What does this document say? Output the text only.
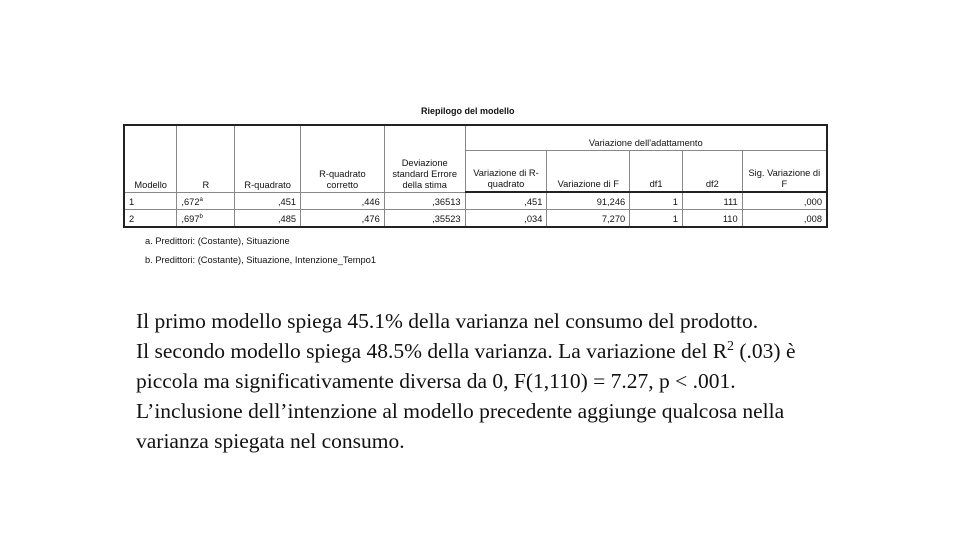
Riepilogo del modello
Modello	R	R-quadrato	R-quadrato corretto	Deviazione standard Errore della stima	Variazione dell'adattamento				
					Variazione di R-quadrato	Variazione di F	df1	df2	Sig. Variazione di F
1	,672$^a$	,451	,446	,36513	,451	91,246	1	111	,000
2	,697$^b$	,485	,476	,35523	,034	7,270	1	110	,008
a. Predittori: (Costante), Situazione
b. Predittori: (Costante), Situazione, Intenzione_Tempo1

Il primo modello spiega 45.1% della varianza nel consumo del prodotto.

Il secondo modello spiega 48.5% della varianza. La variazione del $R^2$ (.03) è piccola ma significativamente diversa da 0, F(1,110) = 7.27, p < .001. L’inclusione dell’intenzione al modello precedente aggiunge qualcosa nella varianza spiegata nel consumo.
